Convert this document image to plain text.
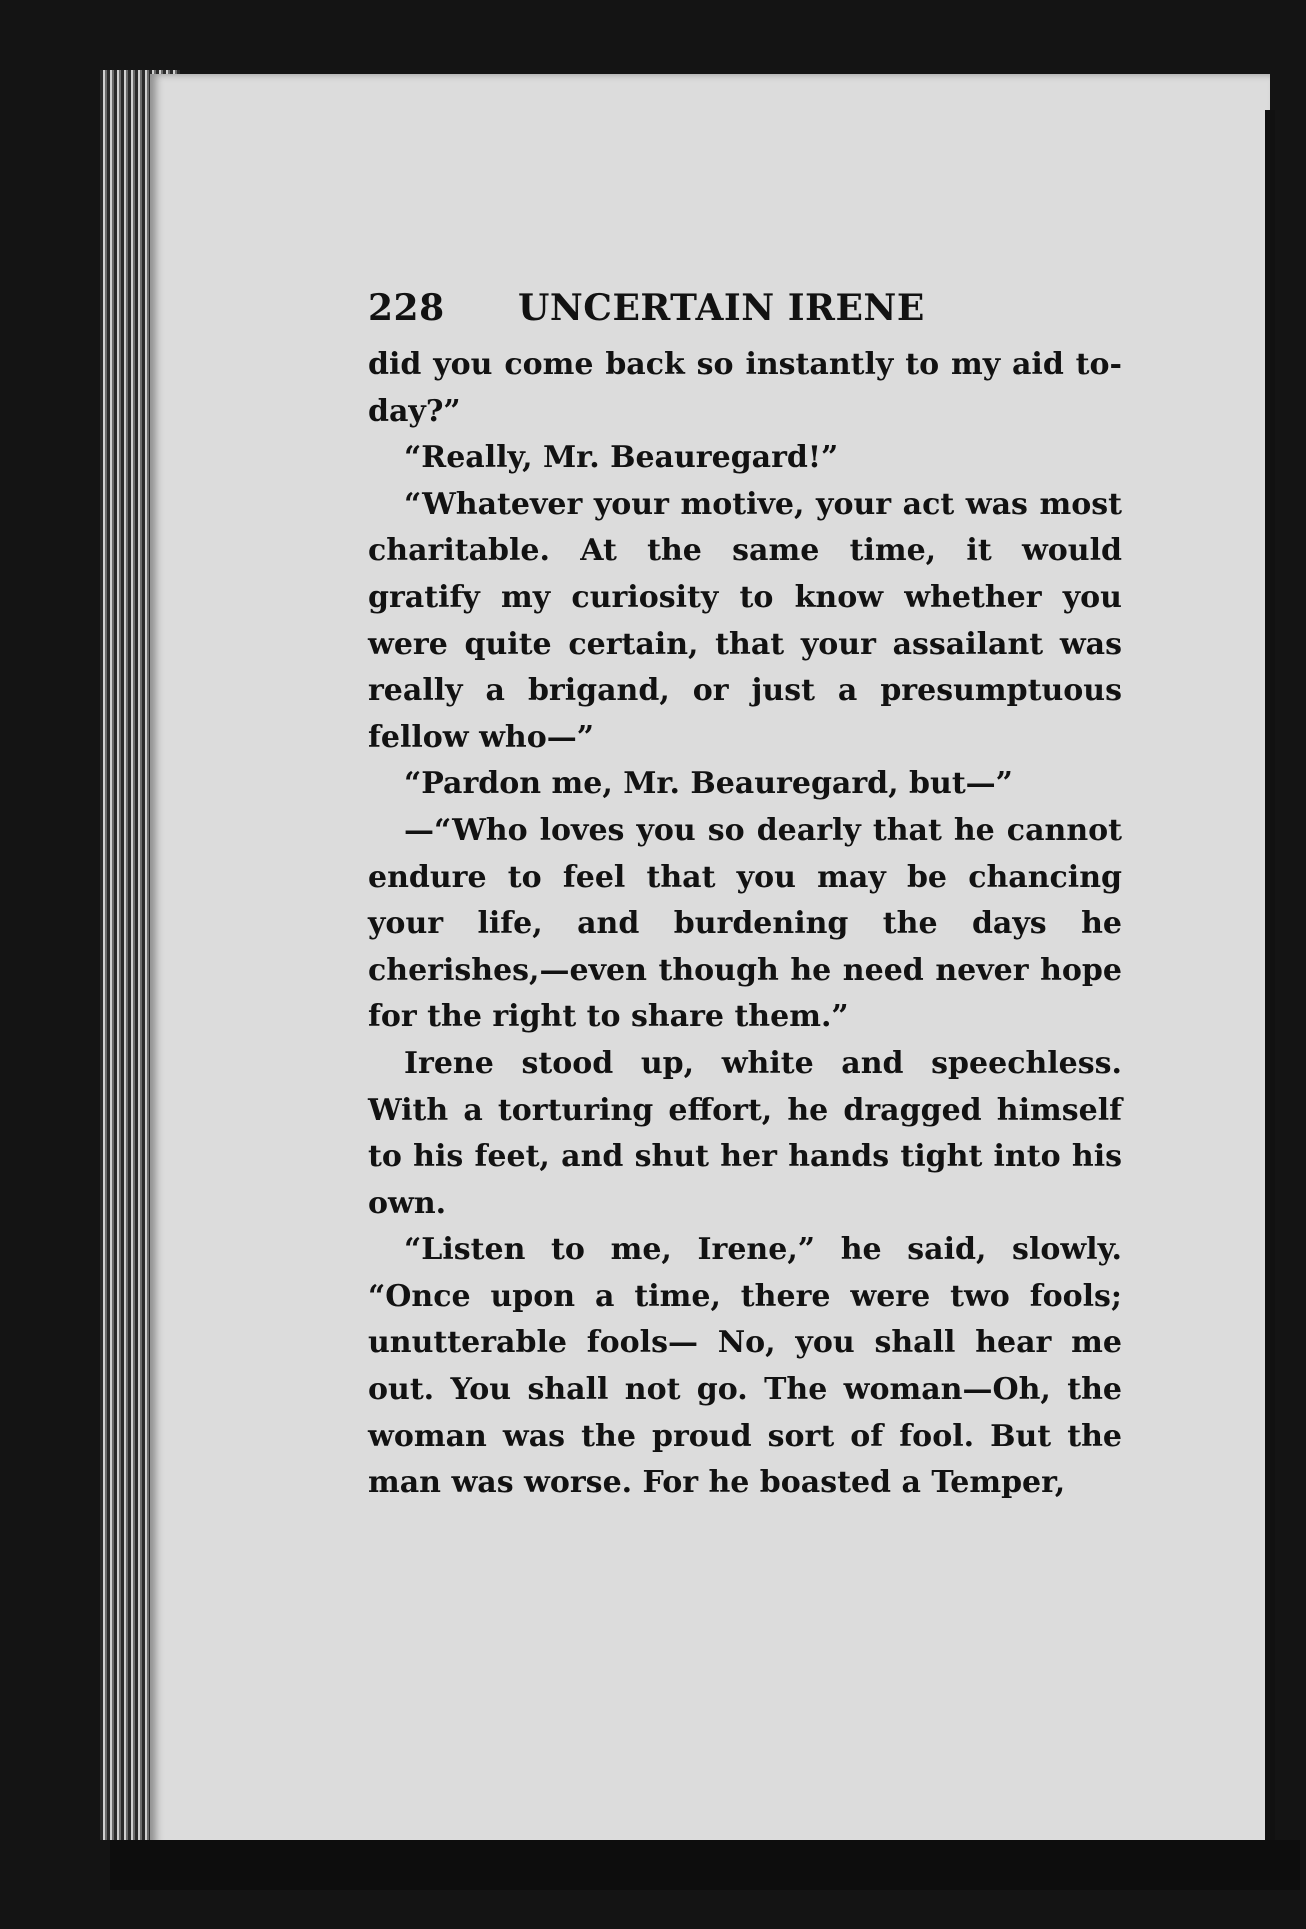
228 UNCERTAIN IRENE

did you come back so instantly to my aid to-day?”

“Really, Mr. Beauregard!”

“Whatever your motive, your act was most charitable. At the same time, it would gratify my curiosity to know whether you were quite certain, that your assailant was really a brigand, or just a presumptuous fellow who—”

“Pardon me, Mr. Beauregard, but—”

—“Who loves you so dearly that he cannot endure to feel that you may be chancing your life, and burdening the days he cherishes,—even though he need never hope for the right to share them.”

Irene stood up, white and speechless. With a torturing effort, he dragged himself to his feet, and shut her hands tight into his own.

“Listen to me, Irene,” he said, slowly. “Once upon a time, there were two fools; unutterable fools— No, you shall hear me out. You shall not go. The woman—Oh, the woman was the proud sort of fool. But the man was worse. For he boasted a Temper,
